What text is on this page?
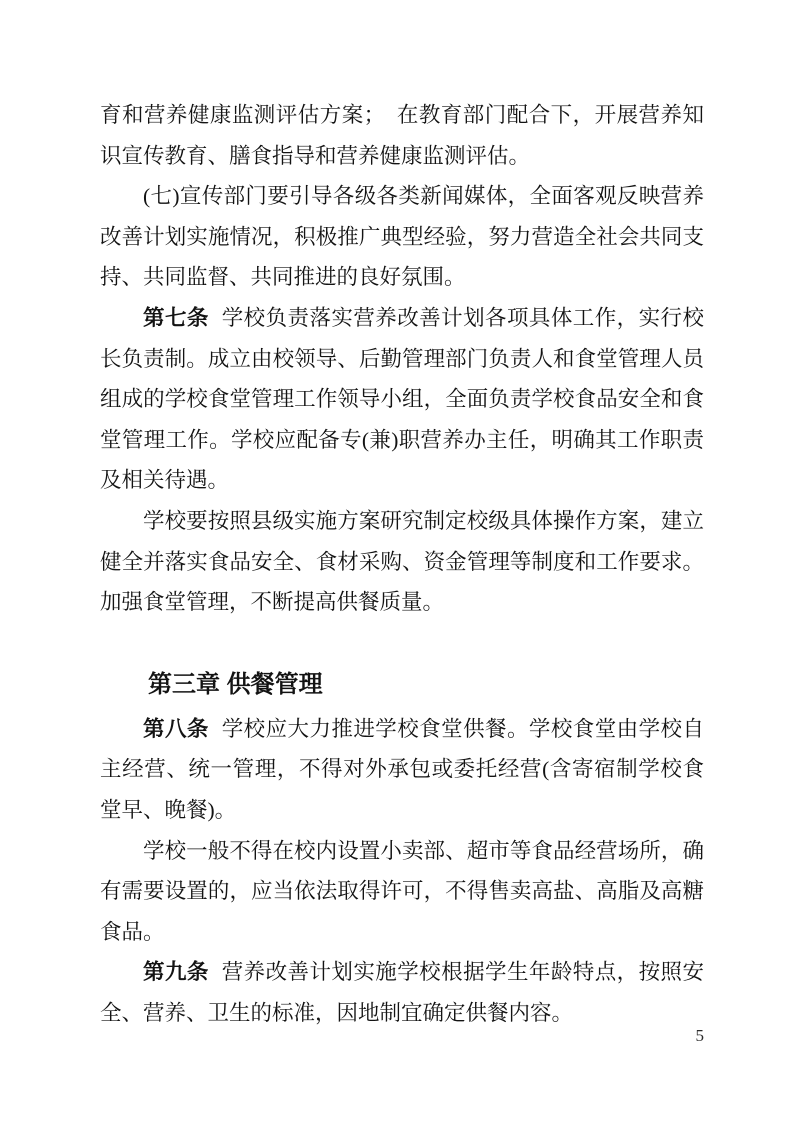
育和营养健康监测评估方案；　在教育部门配合下，开展营养知识宣传教育、膳食指导和营养健康监测评估。

(七)宣传部门要引导各级各类新闻媒体，全面客观反映营养改善计划实施情况，积极推广典型经验，努力营造全社会共同支持、共同监督、共同推进的良好氛围。

第七条 学校负责落实营养改善计划各项具体工作，实行校长负责制。成立由校领导、后勤管理部门负责人和食堂管理人员组成的学校食堂管理工作领导小组，全面负责学校食品安全和食堂管理工作。学校应配备专(兼)职营养办主任，明确其工作职责及相关待遇。

学校要按照县级实施方案研究制定校级具体操作方案，建立健全并落实食品安全、食材采购、资金管理等制度和工作要求。加强食堂管理，不断提高供餐质量。

第三章 供餐管理

第八条 学校应大力推进学校食堂供餐。学校食堂由学校自主经营、统一管理，不得对外承包或委托经营(含寄宿制学校食堂早、晚餐)。

学校一般不得在校内设置小卖部、超市等食品经营场所，确有需要设置的，应当依法取得许可，不得售卖高盐、高脂及高糖食品。

第九条 营养改善计划实施学校根据学生年龄特点，按照安全、营养、卫生的标准，因地制宜确定供餐内容。

5
